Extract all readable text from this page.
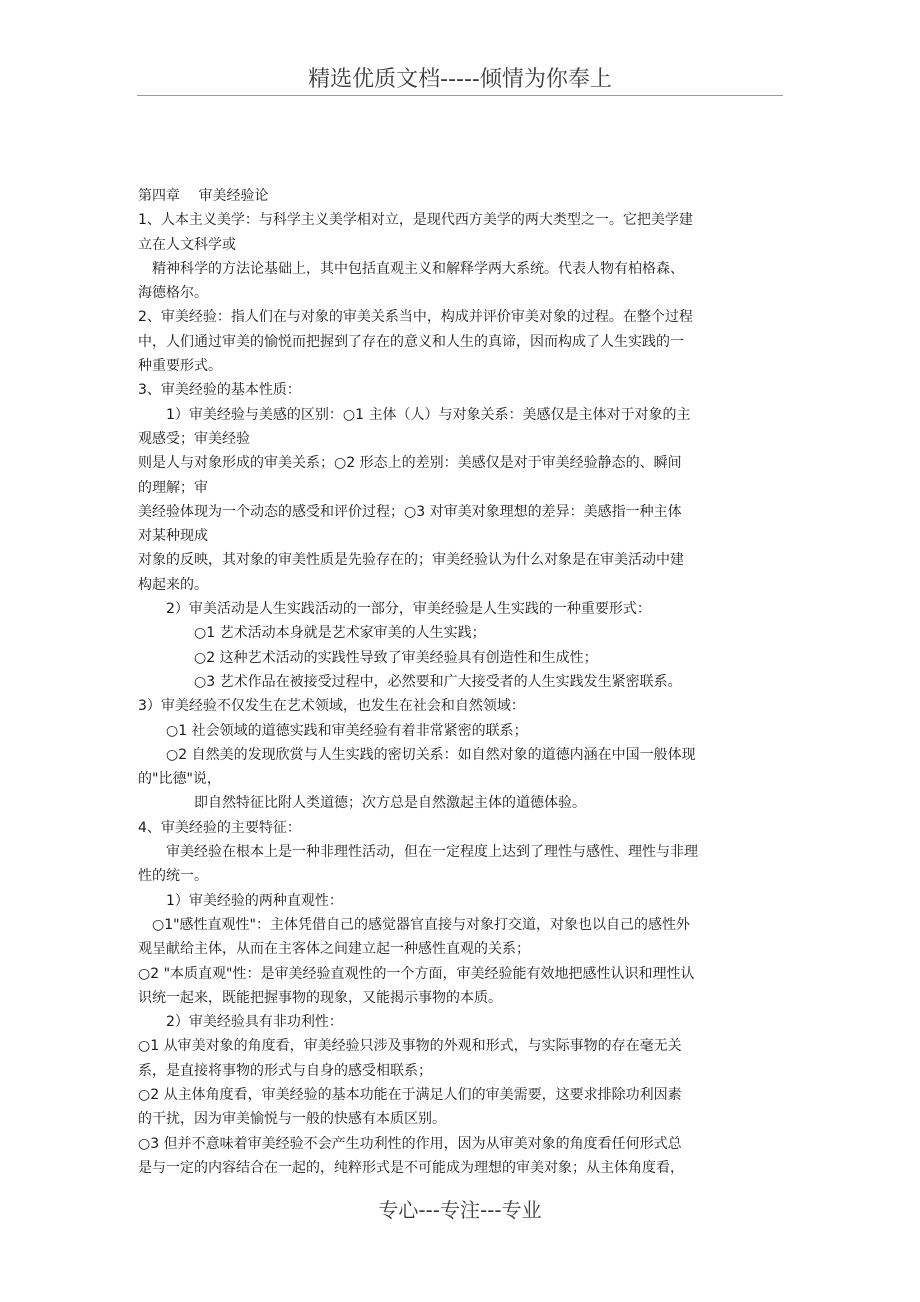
精选优质文档-----倾情为你奉上

第四章　 审美经验论

1、人本主义美学：与科学主义美学相对立，是现代西方美学的两大类型之一。它把美学建

立在人文科学或

　精神科学的方法论基础上，其中包括直观主义和解释学两大系统。代表人物有柏格森、

海德格尔。

2、审美经验：指人们在与对象的审美关系当中，构成并评价审美对象的过程。在整个过程

中，人们通过审美的愉悦而把握到了存在的意义和人生的真谛，因而构成了人生实践的一

种重要形式。

3、审美经验的基本性质：

　　1）审美经验与美感的区别：○1 主体（人）与对象关系：美感仅是主体对于对象的主

观感受；审美经验

则是人与对象形成的审美关系；○2 形态上的差别：美感仅是对于审美经验静态的、瞬间

的理解；审

美经验体现为一个动态的感受和评价过程；○3 对审美对象理想的差异：美感指一种主体

对某种现成

对象的反映，其对象的审美性质是先验存在的；审美经验认为什么对象是在审美活动中建

构起来的。

　　2）审美活动是人生实践活动的一部分，审美经验是人生实践的一种重要形式：

　　　　○1 艺术活动本身就是艺术家审美的人生实践；

　　　　○2 这种艺术活动的实践性导致了审美经验具有创造性和生成性；

　　　　○3 艺术作品在被接受过程中，必然要和广大接受者的人生实践发生紧密联系。

3）审美经验不仅发生在艺术领域，也发生在社会和自然领域：

　　○1 社会领域的道德实践和审美经验有着非常紧密的联系；

　　○2 自然美的发现欣赏与人生实践的密切关系：如自然对象的道德内涵在中国一般体现

的"比德"说，

　　　　即自然特征比附人类道德；次方总是自然激起主体的道德体验。

4、审美经验的主要特征：

　　审美经验在根本上是一种非理性活动，但在一定程度上达到了理性与感性、理性与非理

性的统一。

　　1）审美经验的两种直观性：

　○1"感性直观性"：主体凭借自己的感觉器官直接与对象打交道，对象也以自己的感性外

观呈献给主体，从而在主客体之间建立起一种感性直观的关系；

○2 "本质直观"性：是审美经验直观性的一个方面，审美经验能有效地把感性认识和理性认

识统一起来，既能把握事物的现象，又能揭示事物的本质。

　　2）审美经验具有非功利性：

○1 从审美对象的角度看，审美经验只涉及事物的外观和形式，与实际事物的存在毫无关

系，是直接将事物的形式与自身的感受相联系；

○2 从主体角度看，审美经验的基本功能在于满足人们的审美需要，这要求排除功利因素

的干扰，因为审美愉悦与一般的快感有本质区别。

○3 但并不意味着审美经验不会产生功利性的作用，因为从审美对象的角度看任何形式总

是与一定的内容结合在一起的，纯粹形式是不可能成为理想的审美对象；从主体角度看，

专心---专注---专业
